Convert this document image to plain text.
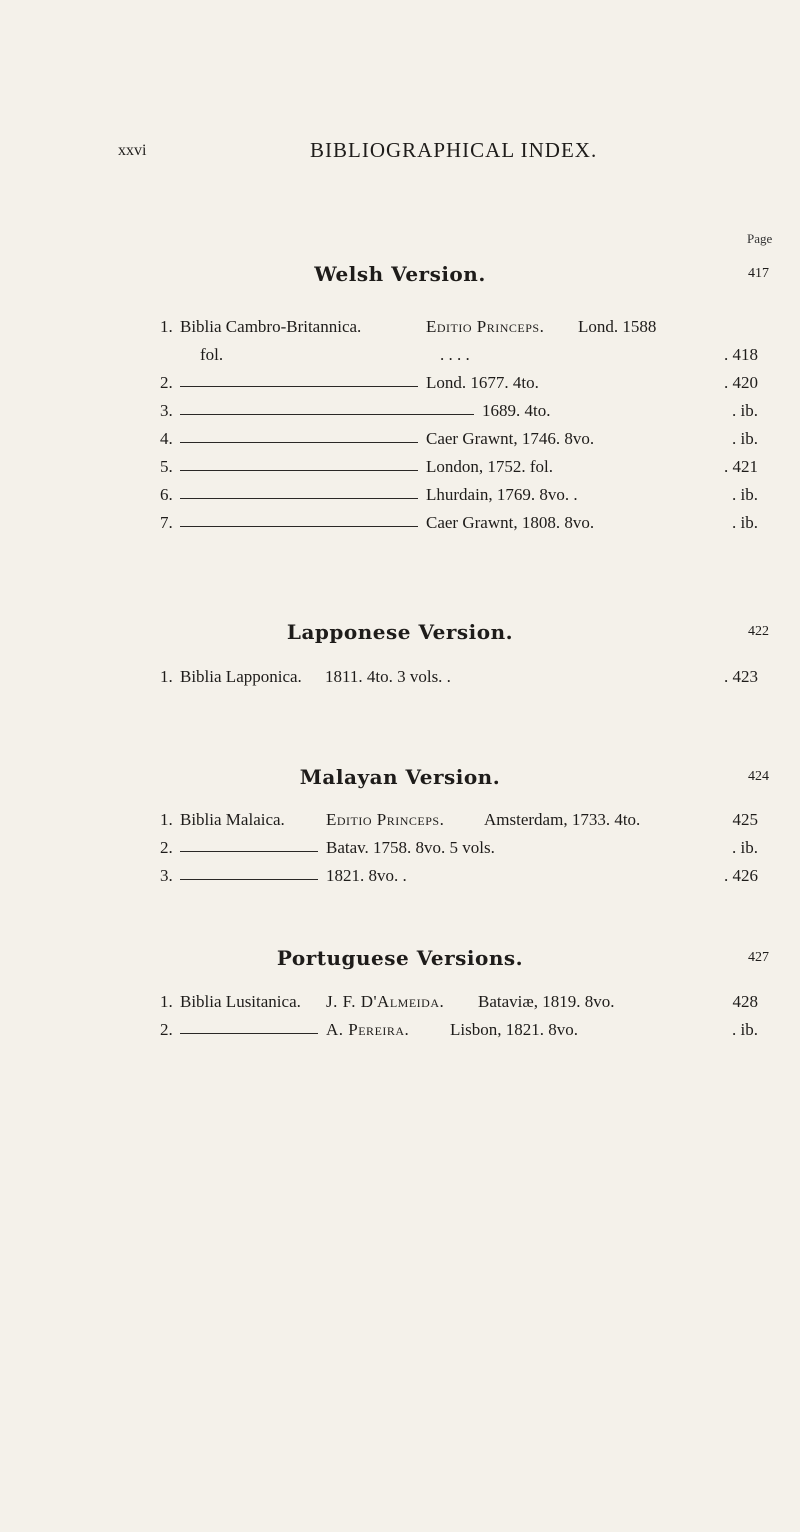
xxvi	BIBLIOGRAPHICAL INDEX.
Page
Welsh Version.	417
1. Biblia Cambro-Britannica.	Editio Princeps. Lond. 1588
fol.	. . . .	. 418
2.	Lond. 1677. 4to.	. 420
3.	1689. 4to.	. ib.
4.	Caer Grawnt, 1746. 8vo.	. ib.
5.	London, 1752. fol.	. 421
6.	Lhurdain, 1769. 8vo. .	. ib.
7.	Caer Grawnt, 1808. 8vo.	. ib.
Lapponese Version.	422
1. Biblia Lapponica. 1811. 4to. 3 vols. .	. 423
Malayan Version.	424
1. Biblia Malaica. Editio Princeps. Amsterdam, 1733. 4to.	425
2.	Batav. 1758. 8vo. 5 vols.	. ib.
3.	1821. 8vo. .	. 426
Portuguese Versions.	427
1. Biblia Lusitanica. J. F. D'Almeida. Bataviæ, 1819. 8vo.	428
2.	A. Pereira. Lisbon, 1821. 8vo.	. ib.
